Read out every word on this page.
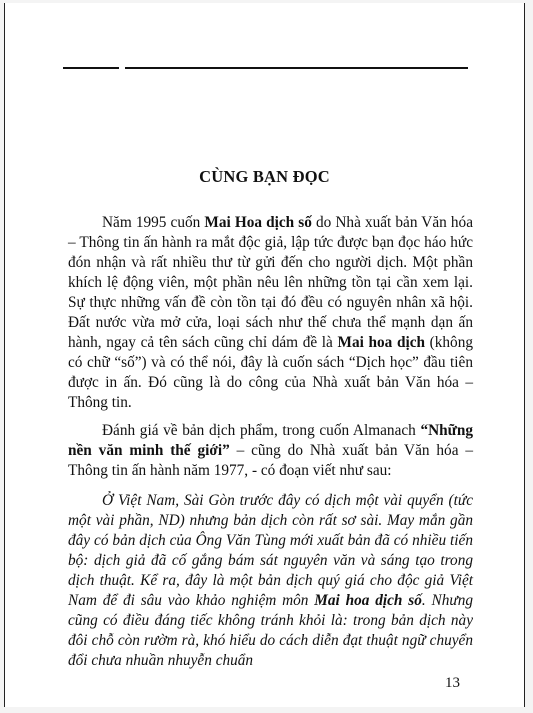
CÙNG BẠN ĐỌC

Năm 1995 cuốn Mai Hoa dịch số do Nhà xuất bản Văn hóa – Thông tin ấn hành ra mắt độc giả, lập tức được bạn đọc háo hức đón nhận và rất nhiều thư từ gửi đến cho người dịch. Một phần khích lệ động viên, một phần nêu lên những tồn tại cần xem lại. Sự thực những vấn đề còn tồn tại đó đều có nguyên nhân xã hội. Đất nước vừa mở cửa, loại sách như thế chưa thể mạnh dạn ấn hành, ngay cả tên sách cũng chỉ dám đề là Mai hoa dịch (không có chữ “số”) và có thể nói, đây là cuốn sách “Dịch học” đầu tiên được in ấn. Đó cũng là do công của Nhà xuất bản Văn hóa – Thông tin.

Đánh giá về bản dịch phẩm, trong cuốn Almanach “Những nền văn minh thế giới” – cũng do Nhà xuất bản Văn hóa – Thông tin ấn hành năm 1977, - có đoạn viết như sau:

Ở Việt Nam, Sài Gòn trước đây có dịch một vài quyển (tức một vài phần, ND) nhưng bản dịch còn rất sơ sài. May mắn gần đây có bản dịch của Ông Văn Tùng mới xuất bản đã có nhiều tiến bộ: dịch giả đã cố gắng bám sát nguyên văn và sáng tạo trong dịch thuật. Kể ra, đây là một bản dịch quý giá cho độc giả Việt Nam để đi sâu vào khảo nghiệm môn Mai hoa dịch số. Nhưng cũng có điều đáng tiếc không tránh khỏi là: trong bản dịch này đôi chỗ còn rườm rà, khó hiểu do cách diễn đạt thuật ngữ chuyển đổi chưa nhuần nhuyễn chuẩn

13
